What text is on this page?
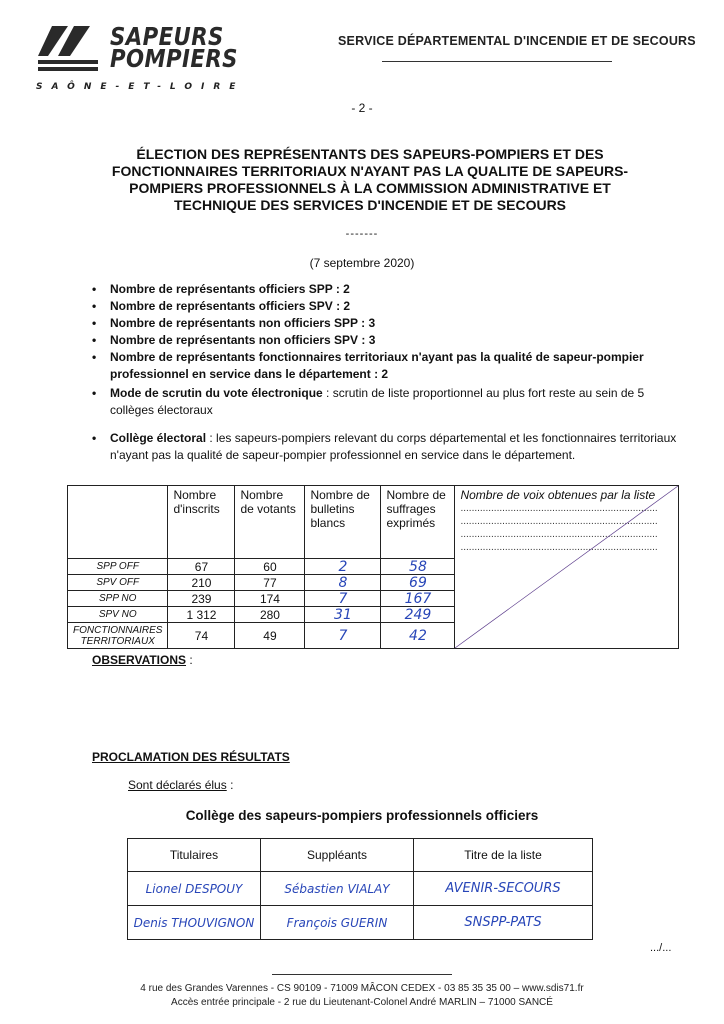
SAPEURS
POMPIERS
SAÔNE-ET-LOIRE
SERVICE DÉPARTEMENTAL D'INCENDIE ET DE SECOURS
- 2 -
ÉLECTION DES REPRÉSENTANTS DES SAPEURS-POMPIERS ET DES FONCTIONNAIRES TERRITORIAUX N'AYANT PAS LA QUALITE DE SAPEURS-POMPIERS PROFESSIONNELS À LA COMMISSION ADMINISTRATIVE ET TECHNIQUE DES SERVICES D'INCENDIE ET DE SECOURS
-------
(7 septembre 2020)
• Nombre de représentants officiers SPP : 2
• Nombre de représentants officiers SPV : 2
• Nombre de représentants non officiers SPP : 3
• Nombre de représentants non officiers SPV : 3
• Nombre de représentants fonctionnaires territoriaux n'ayant pas la qualité de sapeur-pompier professionnel en service dans le département : 2
• Mode de scrutin du vote électronique : scrutin de liste proportionnel au plus fort reste au sein de 5 collèges électoraux
• Collège électoral : les sapeurs-pompiers relevant du corps départemental et les fonctionnaires territoriaux n'ayant pas la qualité de sapeur-pompier professionnel en service dans le département.
	Nombre d'inscrits	Nombre de votants	Nombre de bulletins blancs	Nombre de suffrages exprimés	Nombre de voix obtenues par la liste
.......................................................................
.......................................................................
.......................................................................
.......................................................................

SPP OFF	67	60	2	58	
SPV OFF	210	77	8	69	
SPP NO	239	174	7	167	
SPV NO	1 312	280	31	249	
FONCTIONNAIRES TERRITORIAUX	74	49	7	42	
OBSERVATIONS :
PROCLAMATION DES RÉSULTATS
Sont déclarés élus :
Collège des sapeurs-pompiers professionnels officiers
Titulaires	Suppléants	Titre de la liste
Lionel DESPOUY	Sébastien VIALAY	AVENIR-SECOURS
Denis THOUVIGNON	François GUERIN	SNSPP-PATS
.../...
4 rue des Grandes Varennes - CS 90109 - 71009 MÂCON CEDEX - 03 85 35 35 00 – www.sdis71.fr
Accès entrée principale - 2 rue du Lieutenant-Colonel André MARLIN – 71000 SANCÉ
